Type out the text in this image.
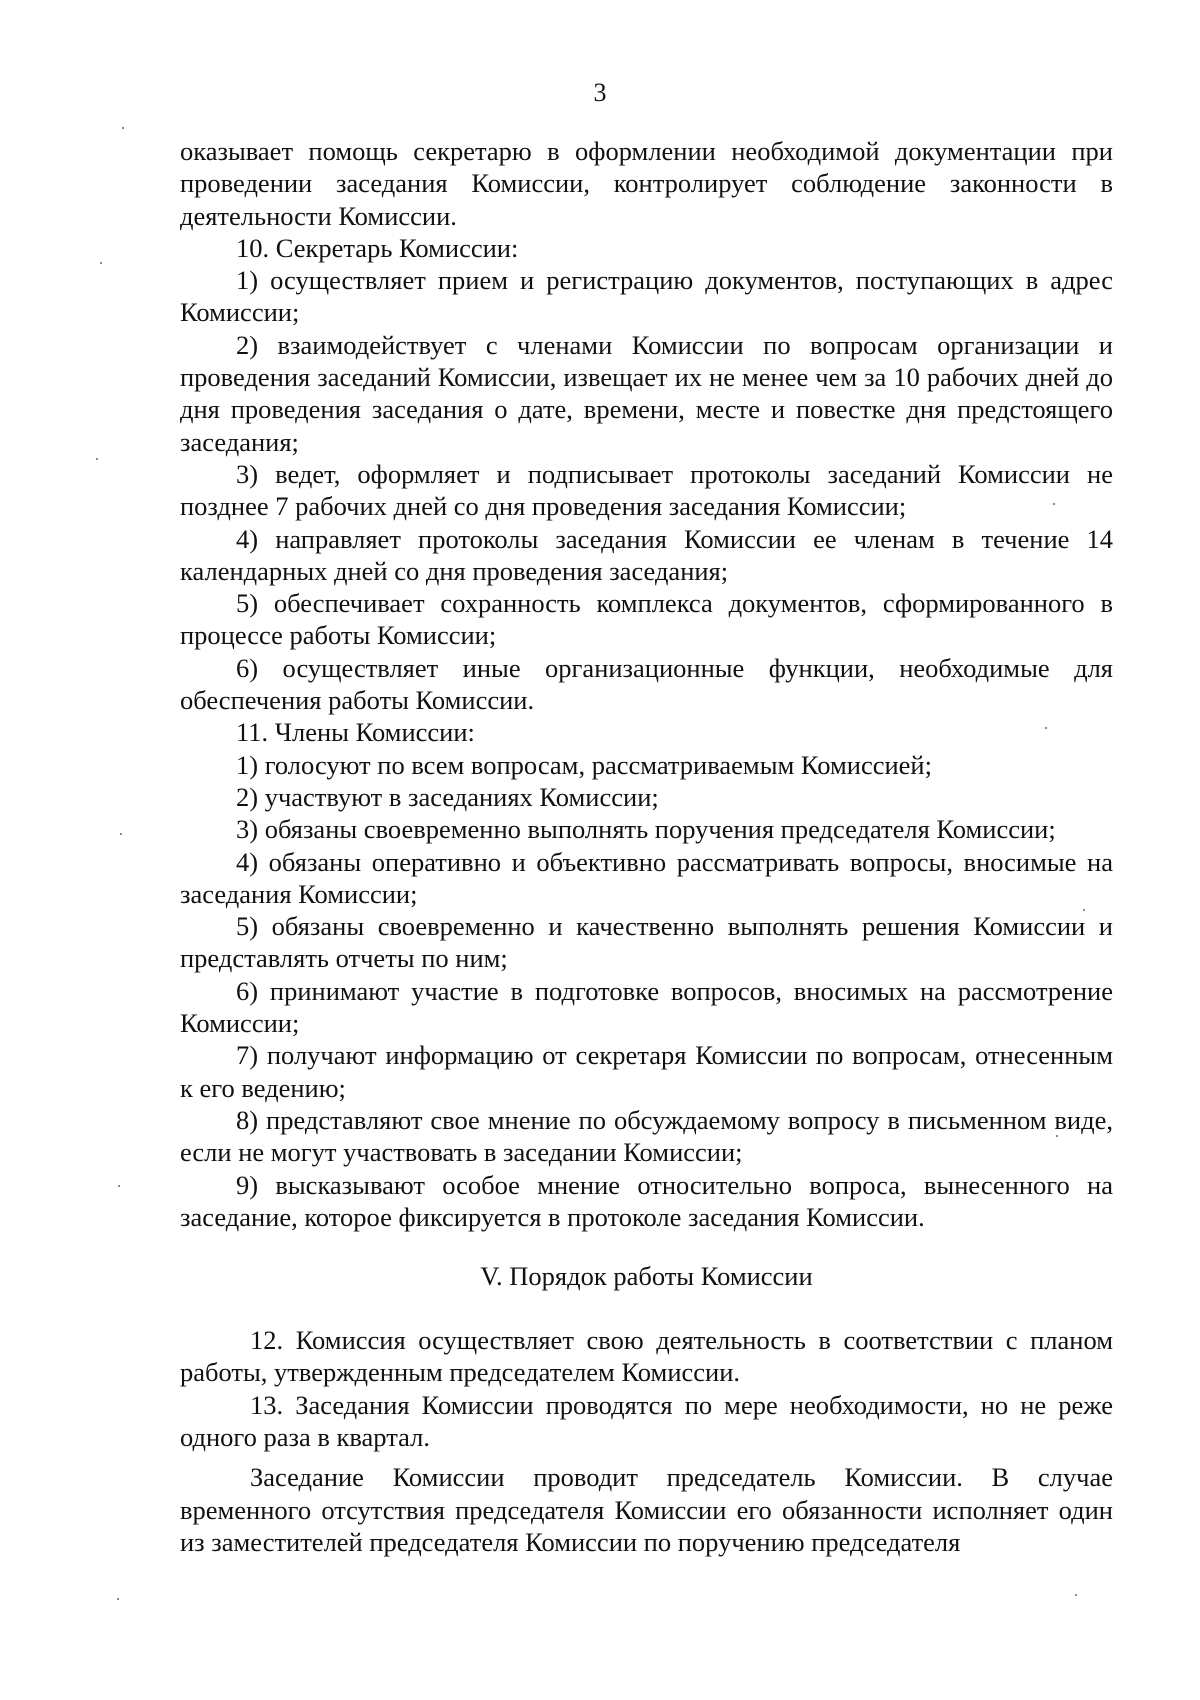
3

оказывает помощь секретарю в оформлении необходимой документации при проведении заседания Комиссии, контролирует соблюдение законности в деятельности Комиссии.

10. Секретарь Комиссии:

1) осуществляет прием и регистрацию документов, поступающих в адрес Комиссии;

2) взаимодействует с членами Комиссии по вопросам организации и проведения заседаний Комиссии, извещает их не менее чем за 10 рабочих дней до дня проведения заседания о дате, времени, месте и повестке дня предстоящего заседания;

3) ведет, оформляет и подписывает протоколы заседаний Комиссии не позднее 7 рабочих дней со дня проведения заседания Комиссии;

4) направляет протоколы заседания Комиссии ее членам в течение 14 календарных дней со дня проведения заседания;

5) обеспечивает сохранность комплекса документов, сформированного в процессе работы Комиссии;

6) осуществляет иные организационные функции, необходимые для обеспечения работы Комиссии.

11. Члены Комиссии:

1) голосуют по всем вопросам, рассматриваемым Комиссией;

2) участвуют в заседаниях Комиссии;

3) обязаны своевременно выполнять поручения председателя Комиссии;

4) обязаны оперативно и объективно рассматривать вопросы, вносимые на заседания Комиссии;

5) обязаны своевременно и качественно выполнять решения Комиссии и представлять отчеты по ним;

6) принимают участие в подготовке вопросов, вносимых на рассмотрение Комиссии;

7) получают информацию от секретаря Комиссии по вопросам, отнесенным к его ведению;

8) представляют свое мнение по обсуждаемому вопросу в письменном виде, если не могут участвовать в заседании Комиссии;

9) высказывают особое мнение относительно вопроса, вынесенного на заседание, которое фиксируется в протоколе заседания Комиссии.

V. Порядок работы Комиссии

12. Комиссия осуществляет свою деятельность в соответствии с планом работы, утвержденным председателем Комиссии.

13. Заседания Комиссии проводятся по мере необходимости, но не реже одного раза в квартал.

Заседание Комиссии проводит председатель Комиссии. В случае временного отсутствия председателя Комиссии его обязанности исполняет один из заместителей председателя Комиссии по поручению председателя
